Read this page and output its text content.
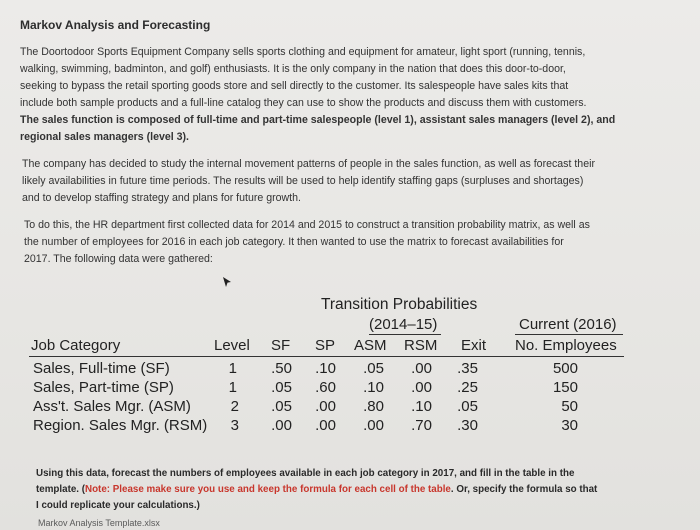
Markov Analysis and Forecasting
The Doortodoor Sports Equipment Company sells sports clothing and equipment for amateur, light sport (running, tennis,
walking, swimming, badminton, and golf) enthusiasts. It is the only company in the nation that does this door-to-door,
seeking to bypass the retail sporting goods store and sell directly to the customer. Its salespeople have sales kits that
include both sample products and a full-line catalog they can use to show the products and discuss them with customers.
The sales function is composed of full-time and part-time salespeople (level 1), assistant sales managers (level 2), and
regional sales managers (level 3).
The company has decided to study the internal movement patterns of people in the sales function, as well as forecast their
likely availabilities in future time periods. The results will be used to help identify staffing gaps (surpluses and shortages)
and to develop staffing strategy and plans for future growth.
To do this, the HR department first collected data for 2014 and 2015 to construct a transition probability matrix, as well as
the number of employees for 2016 in each job category. It then wanted to use the matrix to forecast availabilities for
2017. The following data were gathered:
Transition Probabilities
(2014–15)	Current (2016)
Job Category	Level SF SP ASM RSM Exit No. Employees
Sales, Full-time (SF)	1	.50	.10	.05	.00	.35	500
Sales, Part-time (SP)	1	.05	.60	.10	.00	.25	150
Ass't. Sales Mgr. (ASM)	2	.05	.00	.80	.10	.05	50
Region. Sales Mgr. (RSM)	3	.00	.00	.00	.70	.30	30
Using this data, forecast the numbers of employees available in each job category in 2017, and fill in the table in the
template. (Note: Please make sure you use and keep the formula for each cell of the table. Or, specify the formula so that
I could replicate your calculations.)
Markov Analysis Template.xlsx
